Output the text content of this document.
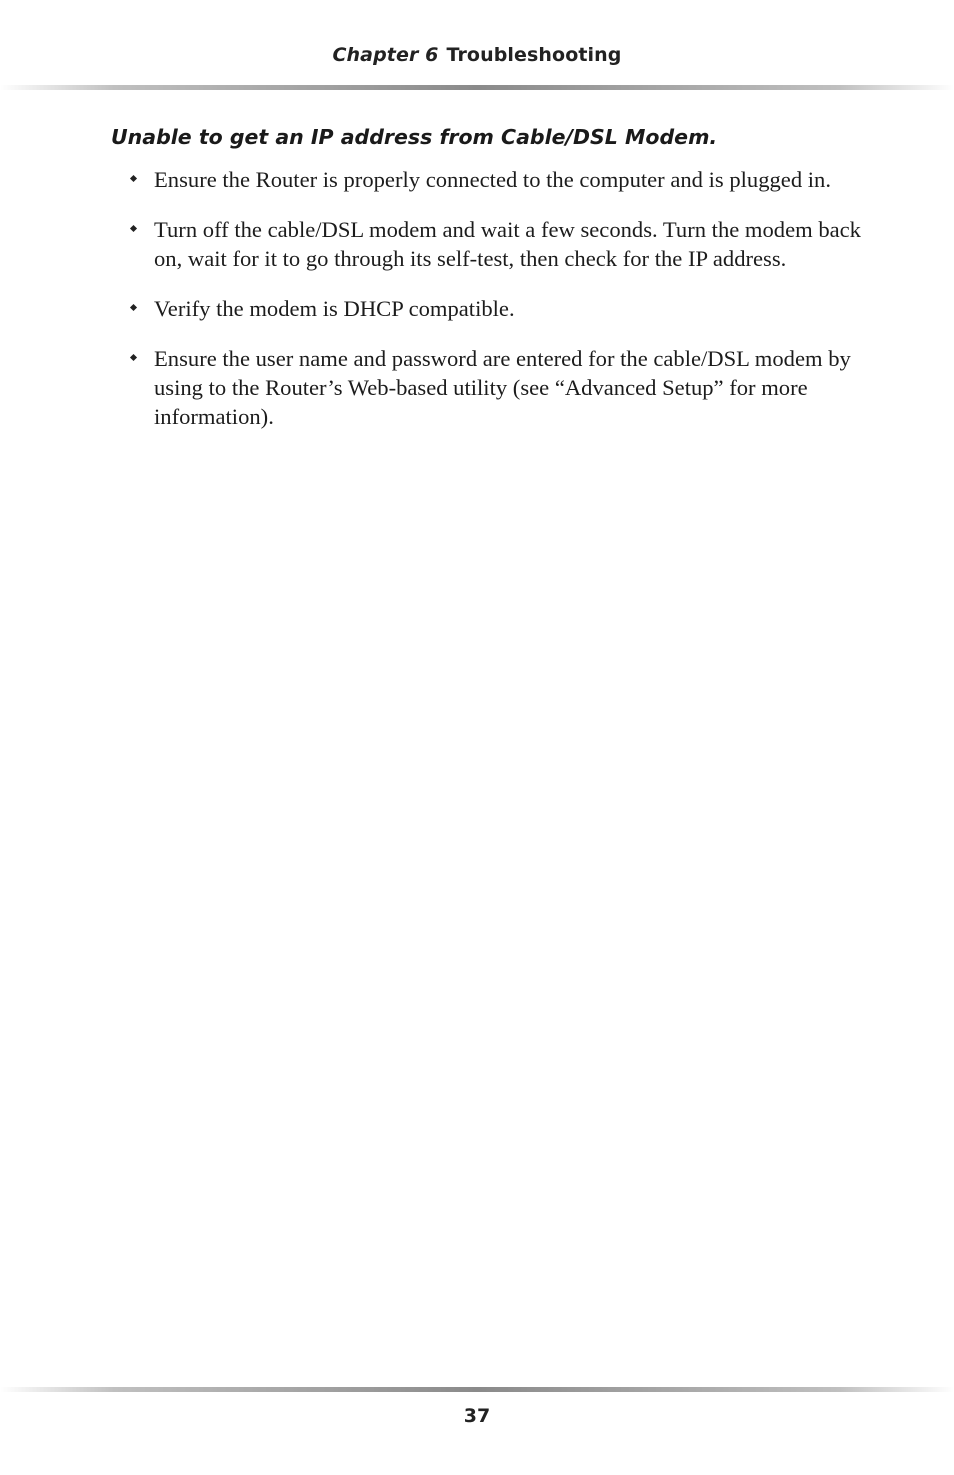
Chapter 6 Troubleshooting
Unable to get an IP address from Cable/DSL Modem.
Ensure the Router is properly connected to the computer and is plugged in.
Turn off the cable/DSL modem and wait a few seconds. Turn the modem back on, wait for it to go through its self-test, then check for the IP address.
Verify the modem is DHCP compatible.
Ensure the user name and password are entered for the cable/DSL modem by using to the Router’s Web-based utility (see “Advanced Setup” for more information).
37
